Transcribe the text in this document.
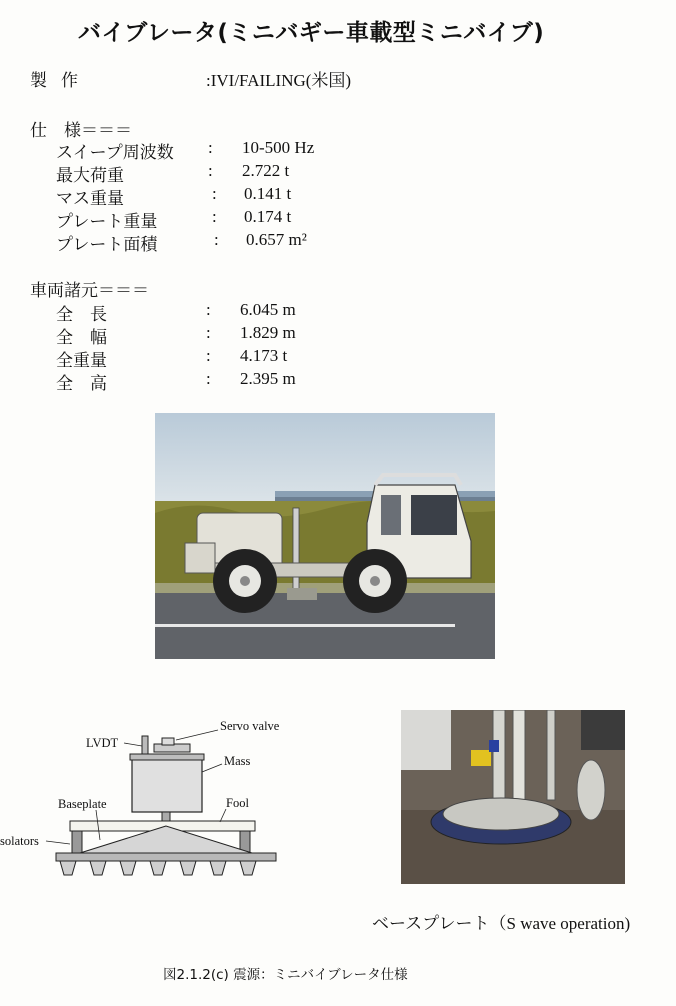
バイブレータ(ミニバギー車載型ミニバイブ)
製作	:IVI/FAILING(米国)
仕　様＝＝＝
スイープ周波数 : 10-500 Hz
最大荷重	: 2.722 t
マス重量	: 0.141 t
プレート重量	: 0.174 t
プレート面積	: 0.657 m²
車両諸元＝＝＝
全　長	: 6.045 m
全　幅	: 1.829 m
全重量	: 4.173 t
全　高	: 2.395 m
LVDT
Servo valve
Mass
Baseplate	Fool
solators
ベースプレート（S wave operation)
図2.1.2(c) 震源：ミニバイブレータ仕様
